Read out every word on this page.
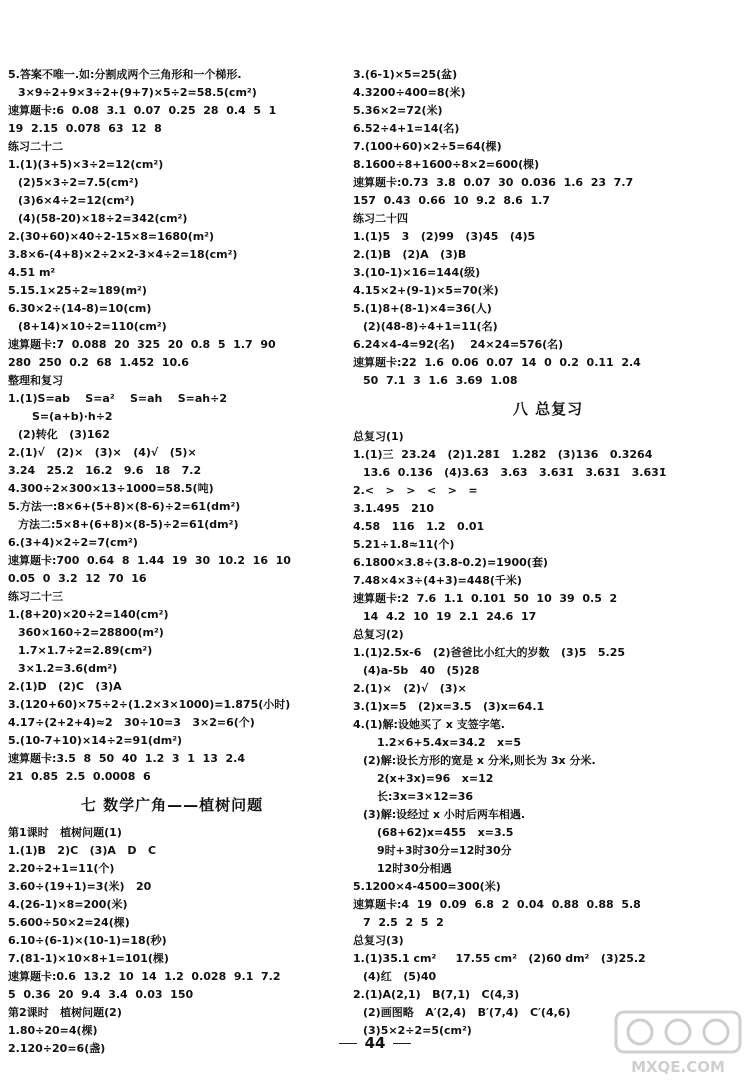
5.答案不唯一.如:分割成两个三角形和一个梯形.
3×9÷2+9×3÷2+(9+7)×5÷2=58.5(cm²)
速算题卡:6  0.08  3.1  0.07  0.25  28  0.4  5  1
19  2.15  0.078  63  12  8
练习二十二
1.(1)(3+5)×3÷2=12(cm²)
(2)5×3÷2=7.5(cm²)
(3)6×4÷2=12(cm²)
(4)(58-20)×18÷2=342(cm²)
2.(30+60)×40÷2-15×8=1680(m²)
3.8×6-(4+8)×2÷2×2-3×4÷2=18(cm²)
4.51 m²
5.15.1×25÷2≈189(m²)
6.30×2÷(14-8)=10(cm)
(8+14)×10÷2=110(cm²)
速算题卡:7  0.088  20  325  20  0.8  5  1.7  90
280  250  0.2  68  1.452  10.6
整理和复习
1.(1)S=ab    S=a²    S=ah    S=ah÷2
S=(a+b)·h÷2
(2)转化   (3)162
2.(1)√   (2)×   (3)×   (4)√   (5)×
3.24   25.2   16.2   9.6   18   7.2
4.300÷2×300×13÷1000=58.5(吨)
5.方法一:8×6+(5+8)×(8-6)÷2=61(dm²)
方法二:5×8+(6+8)×(8-5)÷2=61(dm²)
6.(3+4)×2÷2=7(cm²)
速算题卡:700  0.64  8  1.44  19  30  10.2  16  10
0.05  0  3.2  12  70  16
练习二十三
1.(8+20)×20÷2=140(cm²)
360×160÷2=28800(m²)
1.7×1.7÷2=2.89(cm²)
3×1.2=3.6(dm²)
2.(1)D   (2)C   (3)A
3.(120+60)×75÷2÷(1.2×3×1000)=1.875(小时)
4.17÷(2+2+4)≈2   30÷10=3   3×2=6(个)
5.(10-7+10)×14÷2=91(dm²)
速算题卡:3.5  8  50  40  1.2  3  1  13  2.4
21  0.85  2.5  0.0008  6
七 数学广角——植树问题
第1课时   植树问题(1)
1.(1)B   2)C   (3)A   D   C
2.20÷2+1=11(个)
3.60÷(19+1)=3(米)   20
4.(26-1)×8=200(米)
5.600÷50×2=24(棵)
6.10÷(6-1)×(10-1)=18(秒)
7.(81-1)×10×8+1=101(棵)
速算题卡:0.6  13.2  10  14  1.2  0.028  9.1  7.2
5  0.36  20  9.4  3.4  0.03  150
第2课时   植树问题(2)
1.80÷20=4(棵)
2.120÷20=6(盏)
3.(6-1)×5=25(盆)
4.3200÷400=8(米)
5.36×2=72(米)
6.52÷4+1=14(名)
7.(100+60)×2÷5=64(棵)
8.1600÷8+1600÷8×2=600(棵)
速算题卡:0.73  3.8  0.07  30  0.036  1.6  23  7.7
157  0.43  0.66  10  9.2  8.6  1.7
练习二十四
1.(1)5   3   (2)99   (3)45   (4)5
2.(1)B   (2)A   (3)B
3.(10-1)×16=144(级)
4.15×2+(9-1)×5=70(米)
5.(1)8+(8-1)×4=36(人)
(2)(48-8)÷4+1=11(名)
6.24×4-4=92(名)    24×24=576(名)
速算题卡:22  1.6  0.06  0.07  14  0  0.2  0.11  2.4
50  7.1  3  1.6  3.69  1.08
八 总复习
总复习(1)
1.(1)三  23.24   (2)1.281̇   1.282   (3)136   0.3264
13.6  0.136   (4)3.6̇3̇   3.63   3.631̇   3.631̇   3.631̇
2.<   >   >   <   >   =
3.1.495   210
4.58   116   1.2   0.01
5.21÷1.8≈11(个)
6.1800×3.8÷(3.8-0.2)=1900(套)
7.48×4×3÷(4+3)=448(千米)
速算题卡:2  7.6  1.1  0.101  50  10  39  0.5  2
14  4.2  10  19  2.1  24.6  17
总复习(2)
1.(1)2.5x-6   (2)爸爸比小红大的岁数   (3)5   5.25
(4)a-5b   40   (5)28
2.(1)×   (2)√   (3)×
3.(1)x=5   (2)x=3.5   (3)x=64.1
4.(1)解:设她买了 x 支签字笔.
1.2×6+5.4x=34.2   x=5
(2)解:设长方形的宽是 x 分米,则长为 3x 分米.
2(x+3x)=96   x=12
长:3x=3×12=36
(3)解:设经过 x 小时后两车相遇.
(68+62)x=455   x=3.5
9时+3时30分=12时30分
12时30分相遇
5.1200×4-4500=300(米)
速算题卡:4  19  0.09  6.8  2  0.04  0.88  0.88  5.8
7  2.5  2  5  2
总复习(3)
1.(1)35.1 cm²     17.55 cm²   (2)60 dm²   (3)25.2
(4)红   (5)40
2.(1)A(2,1)   B(7,1)   C(4,3)
(2)画图略   A′(2,4)   B′(7,4)   C′(4,6)
(3)5×2÷2=5(cm²)
44
MXQE.COM
